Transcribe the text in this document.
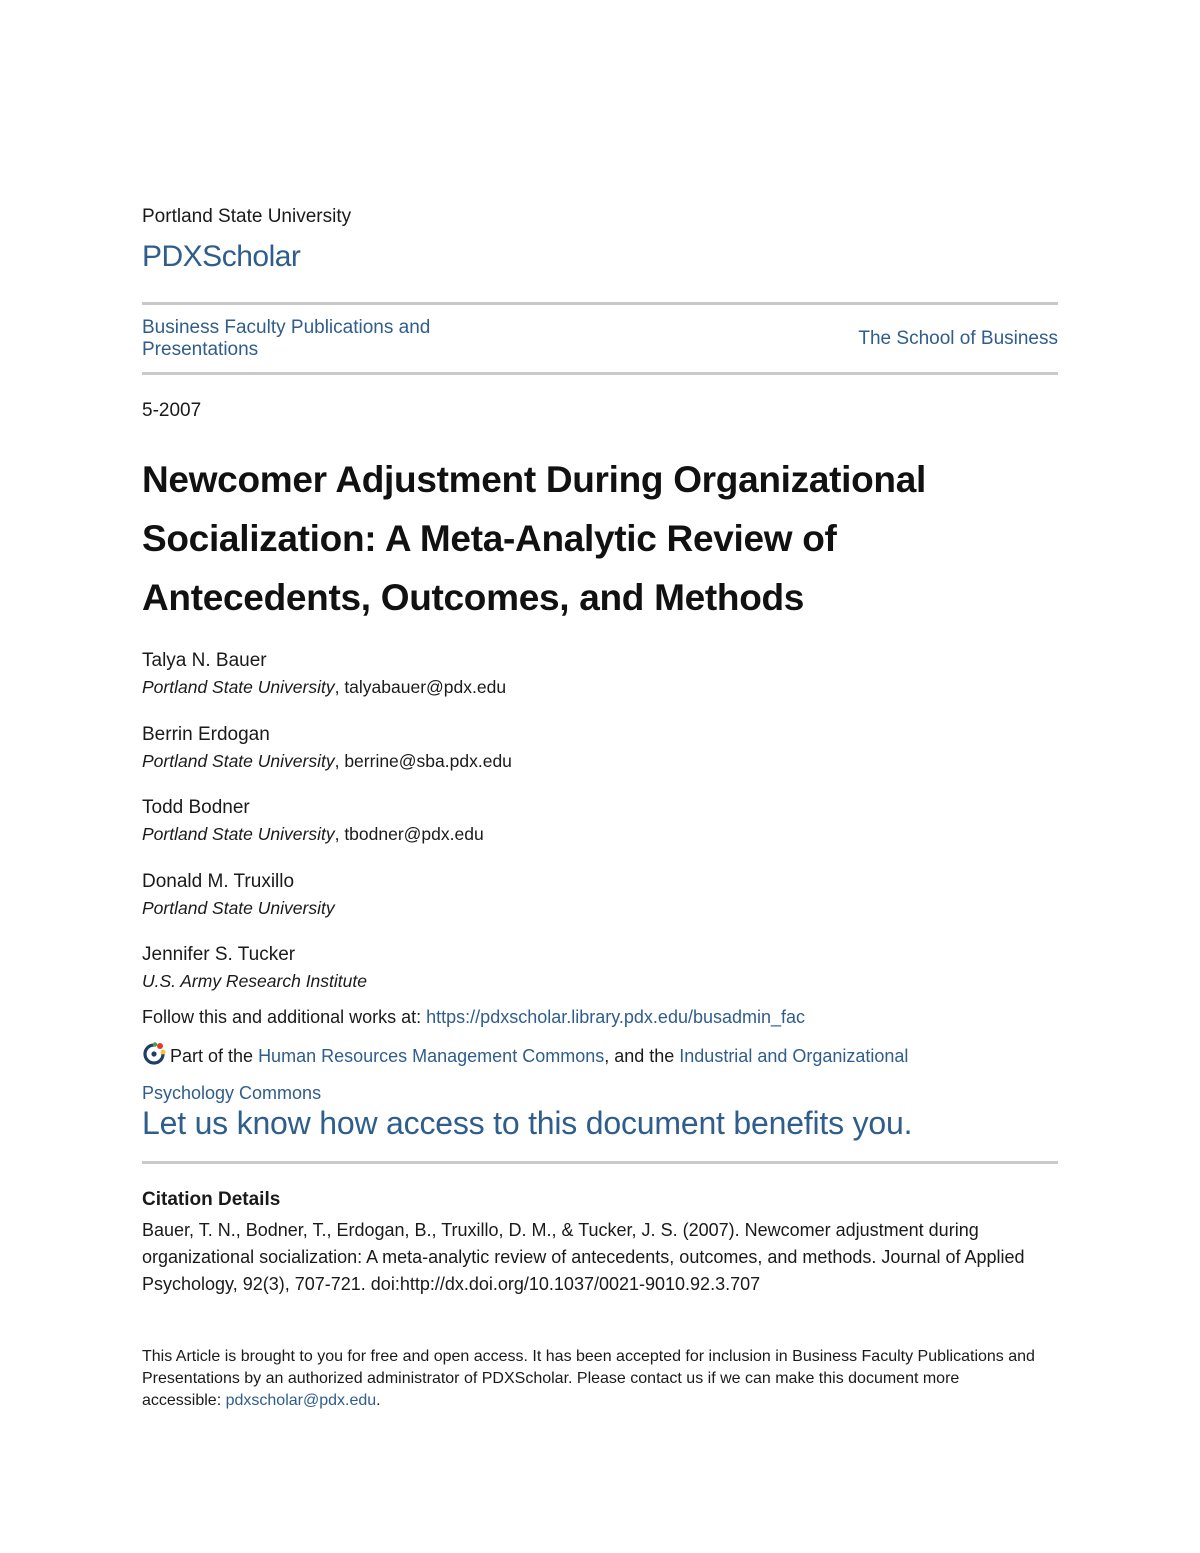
Portland State University
PDXScholar
Business Faculty Publications and Presentations
The School of Business
5-2007
Newcomer Adjustment During Organizational Socialization: A Meta-Analytic Review of Antecedents, Outcomes, and Methods
Talya N. Bauer
Portland State University, talyabauer@pdx.edu
Berrin Erdogan
Portland State University, berrine@sba.pdx.edu
Todd Bodner
Portland State University, tbodner@pdx.edu
Donald M. Truxillo
Portland State University
Jennifer S. Tucker
U.S. Army Research Institute
Follow this and additional works at: https://pdxscholar.library.pdx.edu/busadmin_fac
Part of the Human Resources Management Commons, and the Industrial and Organizational Psychology Commons
Let us know how access to this document benefits you.
Citation Details
Bauer, T. N., Bodner, T., Erdogan, B., Truxillo, D. M., & Tucker, J. S. (2007). Newcomer adjustment during organizational socialization: A meta-analytic review of antecedents, outcomes, and methods. Journal of Applied Psychology, 92(3), 707-721. doi:http://dx.doi.org/10.1037/0021-9010.92.3.707
This Article is brought to you for free and open access. It has been accepted for inclusion in Business Faculty Publications and Presentations by an authorized administrator of PDXScholar. Please contact us if we can make this document more accessible: pdxscholar@pdx.edu.
